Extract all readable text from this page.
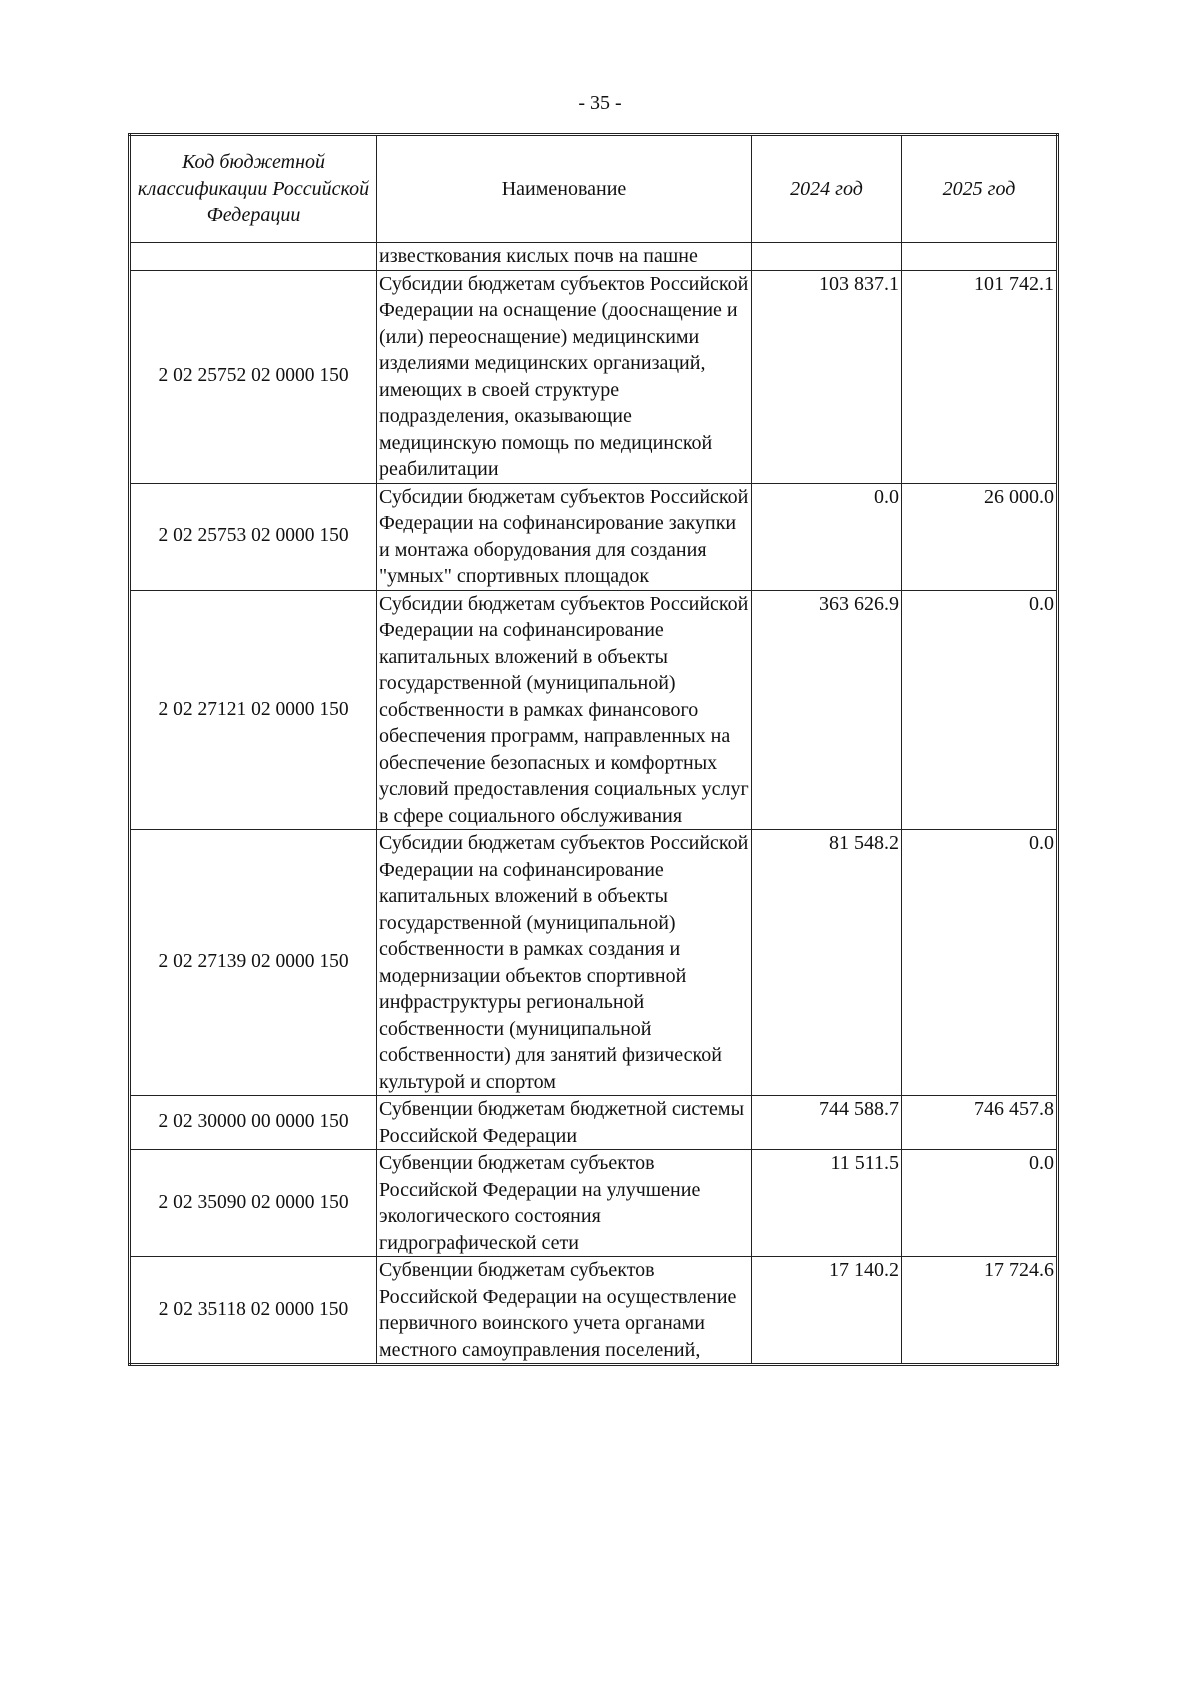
- 35 -
Код бюджетной классификации Российской Федерации	Наименование	2024 год	2025 год
	известкования кислых почв на пашне		
2 02 25752 02 0000 150	Субсидии бюджетам субъектов Российской Федерации на оснащение (дооснащение и (или) переоснащение) медицинскими изделиями медицинских организаций, имеющих в своей структуре подразделения, оказывающие медицинскую помощь по медицинской реабилитации	103 837.1	101 742.1
2 02 25753 02 0000 150	Субсидии бюджетам субъектов Российской Федерации на софинансирование закупки и монтажа оборудования для создания "умных" спортивных площадок	0.0	26 000.0
2 02 27121 02 0000 150	Субсидии бюджетам субъектов Российской Федерации на софинансирование капитальных вложений в объекты государственной (муниципальной) собственности в рамках финансового обеспечения программ, направленных на обеспечение безопасных и комфортных условий предоставления социальных услуг в сфере социального обслуживания	363 626.9	0.0
2 02 27139 02 0000 150	Субсидии бюджетам субъектов Российской Федерации на софинансирование капитальных вложений в объекты государственной (муниципальной) собственности в рамках создания и модернизации объектов спортивной инфраструктуры региональной собственности (муниципальной собственности) для занятий физической культурой и спортом	81 548.2	0.0
2 02 30000 00 0000 150	Субвенции бюджетам бюджетной системы Российской Федерации	744 588.7	746 457.8
2 02 35090 02 0000 150	Субвенции бюджетам субъектов Российской Федерации на улучшение экологического состояния гидрографической сети	11 511.5	0.0
2 02 35118 02 0000 150	Субвенции бюджетам субъектов Российской Федерации на осуществление первичного воинского учета органами местного самоуправления поселений,	17 140.2	17 724.6
